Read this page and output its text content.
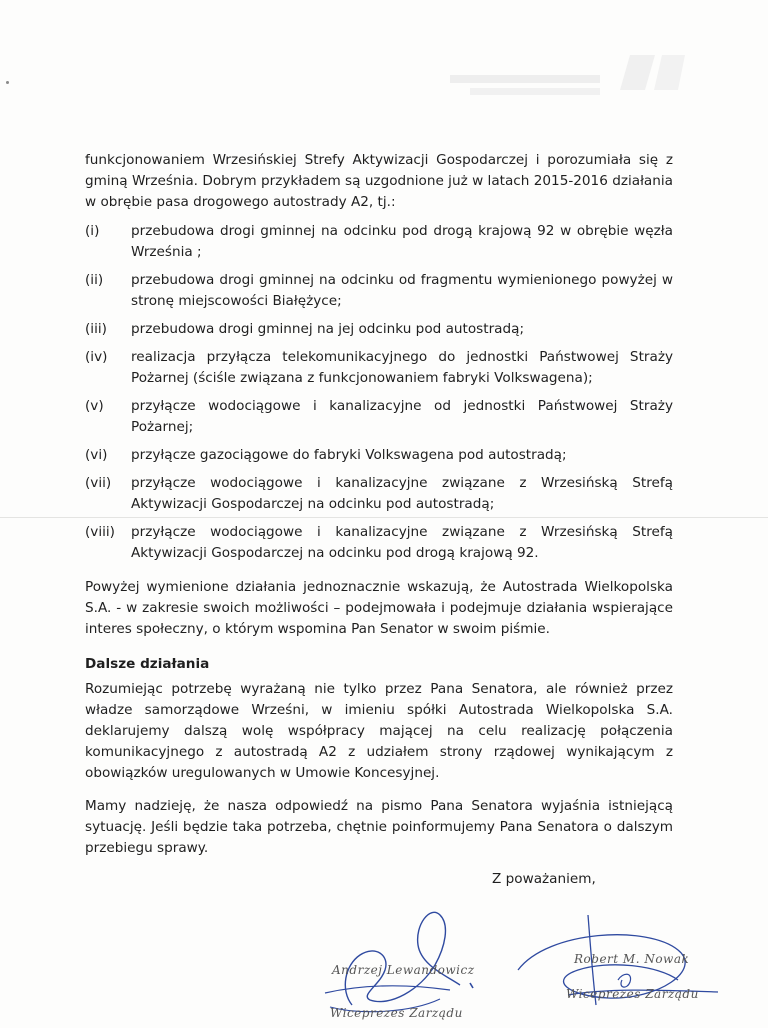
funkcjonowaniem Wrzesińskiej Strefy Aktywizacji Gospodarczej i porozumiała się z gminą Września. Dobrym przykładem są uzgodnione już w latach 2015-2016 działania w obrębie pasa drogowego autostrady A2, tj.:

(i)	przebudowa drogi gminnej na odcinku pod drogą krajową 92 w obrębie węzła Września ;
(ii)	przebudowa drogi gminnej na odcinku od fragmentu wymienionego powyżej w stronę miejscowości Białężyce;
(iii)	przebudowa drogi gminnej na jej odcinku pod autostradą;
(iv)	realizacja przyłącza telekomunikacyjnego do jednostki Państwowej Straży Pożarnej (ściśle związana z funkcjonowaniem fabryki Volkswagena);
(v)	przyłącze wodociągowe i kanalizacyjne od jednostki Państwowej Straży Pożarnej;
(vi)	przyłącze gazociągowe do fabryki Volkswagena pod autostradą;
(vii)	przyłącze wodociągowe i kanalizacyjne związane z Wrzesińską Strefą Aktywizacji Gospodarczej na odcinku pod autostradą;
(viii)	przyłącze wodociągowe i kanalizacyjne związane z Wrzesińską Strefą Aktywizacji Gospodarczej na odcinku pod drogą krajową 92.

Powyżej wymienione działania jednoznacznie wskazują, że Autostrada Wielkopolska S.A. - w zakresie swoich możliwości – podejmowała i podejmuje działania wspierające interes społeczny, o którym wspomina Pan Senator w swoim piśmie.

Dalsze działania

Rozumiejąc potrzebę wyrażaną nie tylko przez Pana Senatora, ale również przez władze samorządowe Wrześni, w imieniu spółki Autostrada Wielkopolska S.A. deklarujemy dalszą wolę współpracy mającej na celu realizację połączenia komunikacyjnego z autostradą A2 z udziałem strony rządowej wynikającym z obowiązków uregulowanych w Umowie Koncesyjnej.

Mamy nadzieję, że nasza odpowiedź na pismo Pana Senatora wyjaśnia istniejącą sytuację. Jeśli będzie taka potrzeba, chętnie poinformujemy Pana Senatora o dalszym przebiegu sprawy.

Z poważaniem,
Andrzej Lewandowicz
Wiceprezes Zarządu
Robert M. Nowak
Wiceprezes Zarządu
